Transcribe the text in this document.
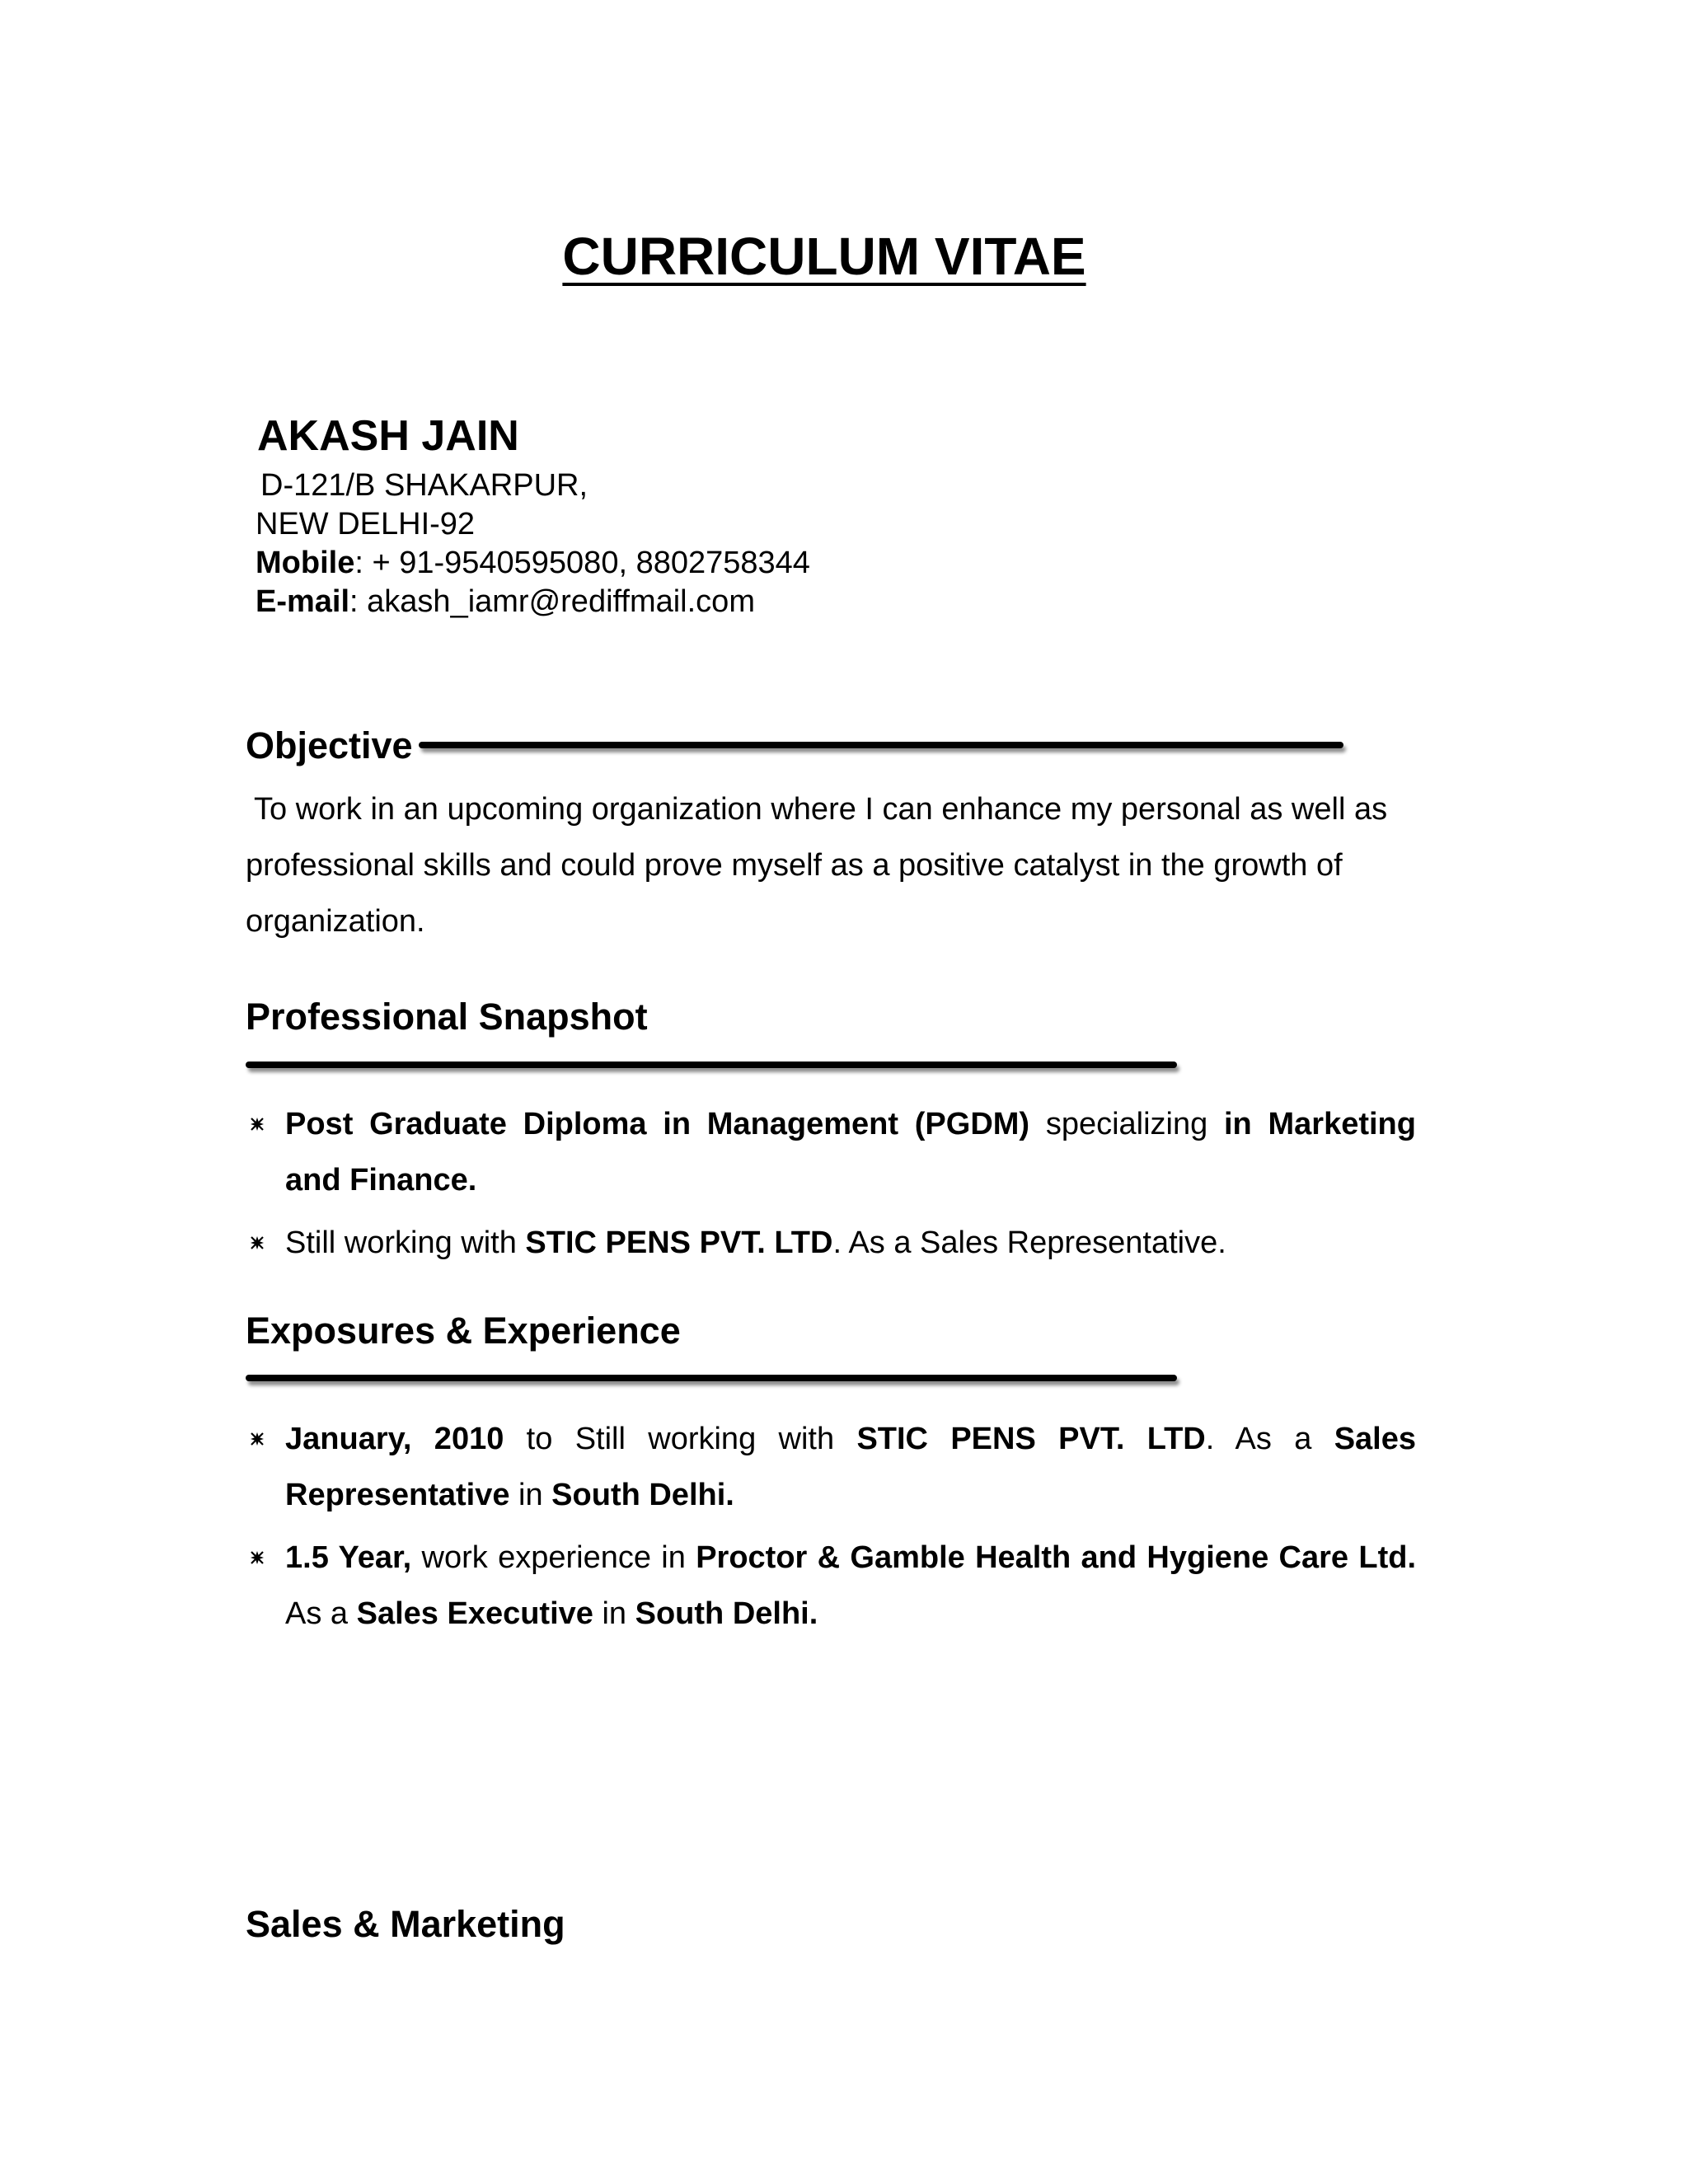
CURRICULUM VITAE
AKASH JAIN

D-121/B SHAKARPUR,

NEW DELHI-92

Mobile: + 91-9540595080, 8802758344

E-mail: akash_iamr@rediffmail.com

Objective

To work in an upcoming organization where I can enhance my personal as well as professional skills and could prove myself as a positive catalyst in the growth of organization.

Professional Snapshot
Post Graduate Diploma in Management (PGDM) specializing in Marketing and Finance.
Still working with STIC PENS PVT. LTD. As a Sales Representative.
Exposures & Experience
January, 2010 to Still working with STIC PENS PVT. LTD. As a Sales Representative in South Delhi.
1.5 Year, work experience in Proctor & Gamble Health and Hygiene Care Ltd. As a Sales Executive in South Delhi.
Sales & Marketing
